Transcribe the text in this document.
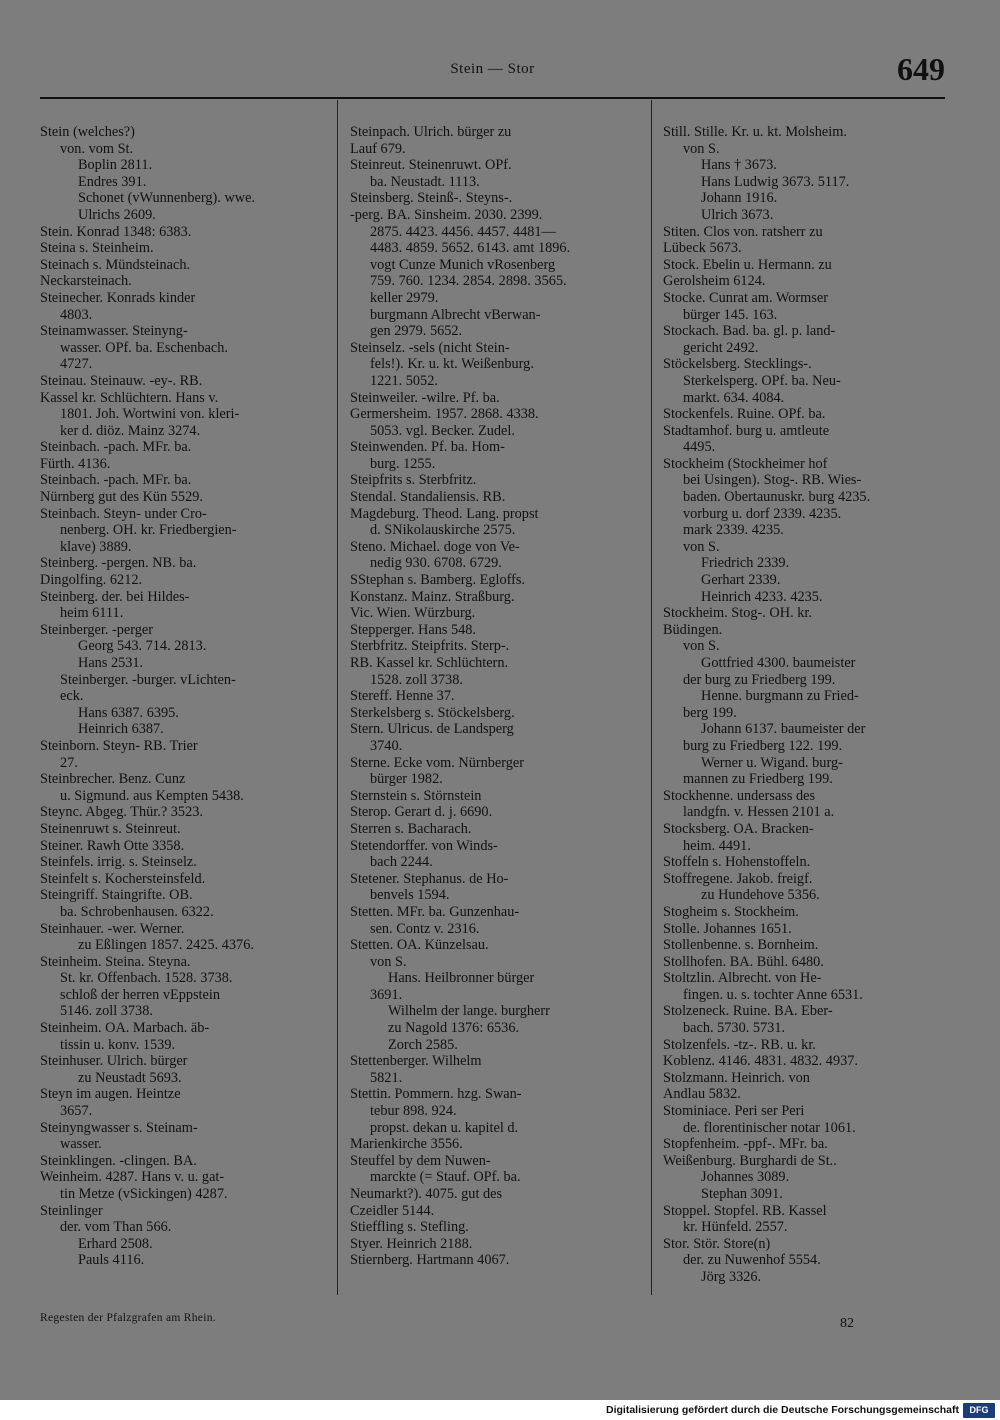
Stein — Stor	649
Stein (welches?)
von. vom St.
Boplin 2811.
Endres 391.
Schonet (vWunnenberg). wwe.
Ulrichs 2609.
Stein. Konrad 1348: 6383.
Steina s. Steinheim.
Steinach s. Mündsteinach.
Neckarsteinach.
Steinecher. Konrads kinder
4803.
Steinamwasser. Steinyng-
wasser. OPf. ba. Eschenbach.
4727.
Steinau. Steinauw. -ey-. RB.
Kassel kr. Schlüchtern. Hans v.
1801. Joh. Wortwini von. kleri-
ker d. diöz. Mainz 3274.
Steinbach. -pach. MFr. ba.
Fürth. 4136.
Steinbach. -pach. MFr. ba.
Nürnberg gut des Kün 5529.
Steinbach. Steyn- under Cro-
nenberg. OH. kr. Friedbergien-
klave) 3889.
Steinberg. -pergen. NB. ba.
Dingolfing. 6212.
Steinberg. der. bei Hildes-
heim 6111.
Steinberger. -perger
Georg 543. 714. 2813.
Hans 2531.
Steinberger. -burger. vLichten-
eck.
Hans 6387. 6395.
Heinrich 6387.
Steinborn. Steyn- RB. Trier
27.
Steinbrecher. Benz. Cunz
u. Sigmund. aus Kempten 5438.
Steync. Abgeg. Thür.? 3523.
Steinenruwt s. Steinreut.
Steiner. Rawh Otte 3358.
Steinfels. irrig. s. Steinselz.
Steinfelt s. Kochersteinsfeld.
Steingriff. Staingrifte. OB.
ba. Schrobenhausen. 6322.
Steinhauer. -wer. Werner.
zu Eßlingen 1857. 2425. 4376.
Steinheim. Steina. Steyna.
St. kr. Offenbach. 1528. 3738.
schloß der herren vEppstein
5146. zoll 3738.
Steinheim. OA. Marbach. äb-
tissin u. konv. 1539.
Steinhuser. Ulrich. bürger
zu Neustadt 5693.
Steyn im augen. Heintze
3657.
Steinyngwasser s. Steinam-
wasser.
Steinklingen. -clingen. BA.
Weinheim. 4287. Hans v. u. gat-
tin Metze (vSickingen) 4287.
Steinlinger
der. vom Than 566.
Erhard 2508.
Pauls 4116.
Steinpach. Ulrich. bürger zu
Lauf 679.
Steinreut. Steinenruwt. OPf.
ba. Neustadt. 1113.
Steinsberg. Steinß-. Steyns-.
-perg. BA. Sinsheim. 2030. 2399.
2875. 4423. 4456. 4457. 4481—
4483. 4859. 5652. 6143. amt 1896.
vogt Cunze Munich vRosenberg
759. 760. 1234. 2854. 2898. 3565.
keller 2979.
burgmann Albrecht vBerwan-
gen 2979. 5652.
Steinselz. -sels (nicht Stein-
fels!). Kr. u. kt. Weißenburg.
1221. 5052.
Steinweiler. -wilre. Pf. ba.
Germersheim. 1957. 2868. 4338.
5053. vgl. Becker. Zudel.
Steinwenden. Pf. ba. Hom-
burg. 1255.
Steipfrits s. Sterbfritz.
Stendal. Standaliensis. RB.
Magdeburg. Theod. Lang. propst
d. SNikolauskirche 2575.
Steno. Michael. doge von Ve-
nedig 930. 6708. 6729.
SStephan s. Bamberg. Egloffs.
Konstanz. Mainz. Straßburg.
Vic. Wien. Würzburg.
Stepperger. Hans 548.
Sterbfritz. Steipfrits. Sterp-.
RB. Kassel kr. Schlüchtern.
1528. zoll 3738.
Stereff. Henne 37.
Sterkelsberg s. Stöckelsberg.
Stern. Ulricus. de Landsperg
3740.
Sterne. Ecke vom. Nürnberger
bürger 1982.
Sternstein s. Störnstein
Sterop. Gerart d. j. 6690.
Sterren s. Bacharach.
Stetendorffer. von Winds-
bach 2244.
Stetener. Stephanus. de Ho-
benvels 1594.
Stetten. MFr. ba. Gunzenhau-
sen. Contz v. 2316.
Stetten. OA. Künzelsau.
von S.
Hans. Heilbronner bürger
3691.
Wilhelm der lange. burgherr
zu Nagold 1376: 6536.
Zorch 2585.
Stettenberger. Wilhelm
5821.
Stettin. Pommern. hzg. Swan-
tebur 898. 924.
propst. dekan u. kapitel d.
Marienkirche 3556.
Steuffel by dem Nuwen-
marckte (= Stauf. OPf. ba.
Neumarkt?). 4075. gut des
Czeidler 5144.
Stieffling s. Stefling.
Styer. Heinrich 2188.
Stiernberg. Hartmann 4067.
Still. Stille. Kr. u. kt. Molsheim.
von S.
Hans † 3673.
Hans Ludwig 3673. 5117.
Johann 1916.
Ulrich 3673.
Stiten. Clos von. ratsherr zu
Lübeck 5673.
Stock. Ebelin u. Hermann. zu
Gerolsheim 6124.
Stocke. Cunrat am. Wormser
bürger 145. 163.
Stockach. Bad. ba. gl. p. land-
gericht 2492.
Stöckelsberg. Stecklings-.
Sterkelsperg. OPf. ba. Neu-
markt. 634. 4084.
Stockenfels. Ruine. OPf. ba.
Stadtamhof. burg u. amtleute
4495.
Stockheim (Stockheimer hof
bei Usingen). Stog-. RB. Wies-
baden. Obertaunuskr. burg 4235.
vorburg u. dorf 2339. 4235.
mark 2339. 4235.
von S.
Friedrich 2339.
Gerhart 2339.
Heinrich 4233. 4235.
Stockheim. Stog-. OH. kr.
Büdingen.
von S.
Gottfried 4300. baumeister
der burg zu Friedberg 199.
Henne. burgmann zu Fried-
berg 199.
Johann 6137. baumeister der
burg zu Friedberg 122. 199.
Werner u. Wigand. burg-
mannen zu Friedberg 199.
Stockhenne. undersass des
landgfn. v. Hessen 2101 a.
Stocksberg. OA. Bracken-
heim. 4491.
Stoffeln s. Hohenstoffeln.
Stoffregene. Jakob. freigf.
zu Hundehove 5356.
Stogheim s. Stockheim.
Stolle. Johannes 1651.
Stollenbenne. s. Bornheim.
Stollhofen. BA. Bühl. 6480.
Stoltzlin. Albrecht. von He-
fingen. u. s. tochter Anne 6531.
Stolzeneck. Ruine. BA. Eber-
bach. 5730. 5731.
Stolzenfels. -tz-. RB. u. kr.
Koblenz. 4146. 4831. 4832. 4937.
Stolzmann. Heinrich. von
Andlau 5832.
Stominiace. Peri ser Peri
de. florentinischer notar 1061.
Stopfenheim. -ppf-. MFr. ba.
Weißenburg. Burghardi de St..
Johannes 3089.
Stephan 3091.
Stoppel. Stopfel. RB. Kassel
kr. Hünfeld. 2557.
Stor. Stör. Store(n)
der. zu Nuwenhof 5554.
Jörg 3326.
Regesten der Pfalzgrafen am Rhein.	82
Digitalisierung gefördert durch die Deutsche Forschungsgemeinschaft	DFG
